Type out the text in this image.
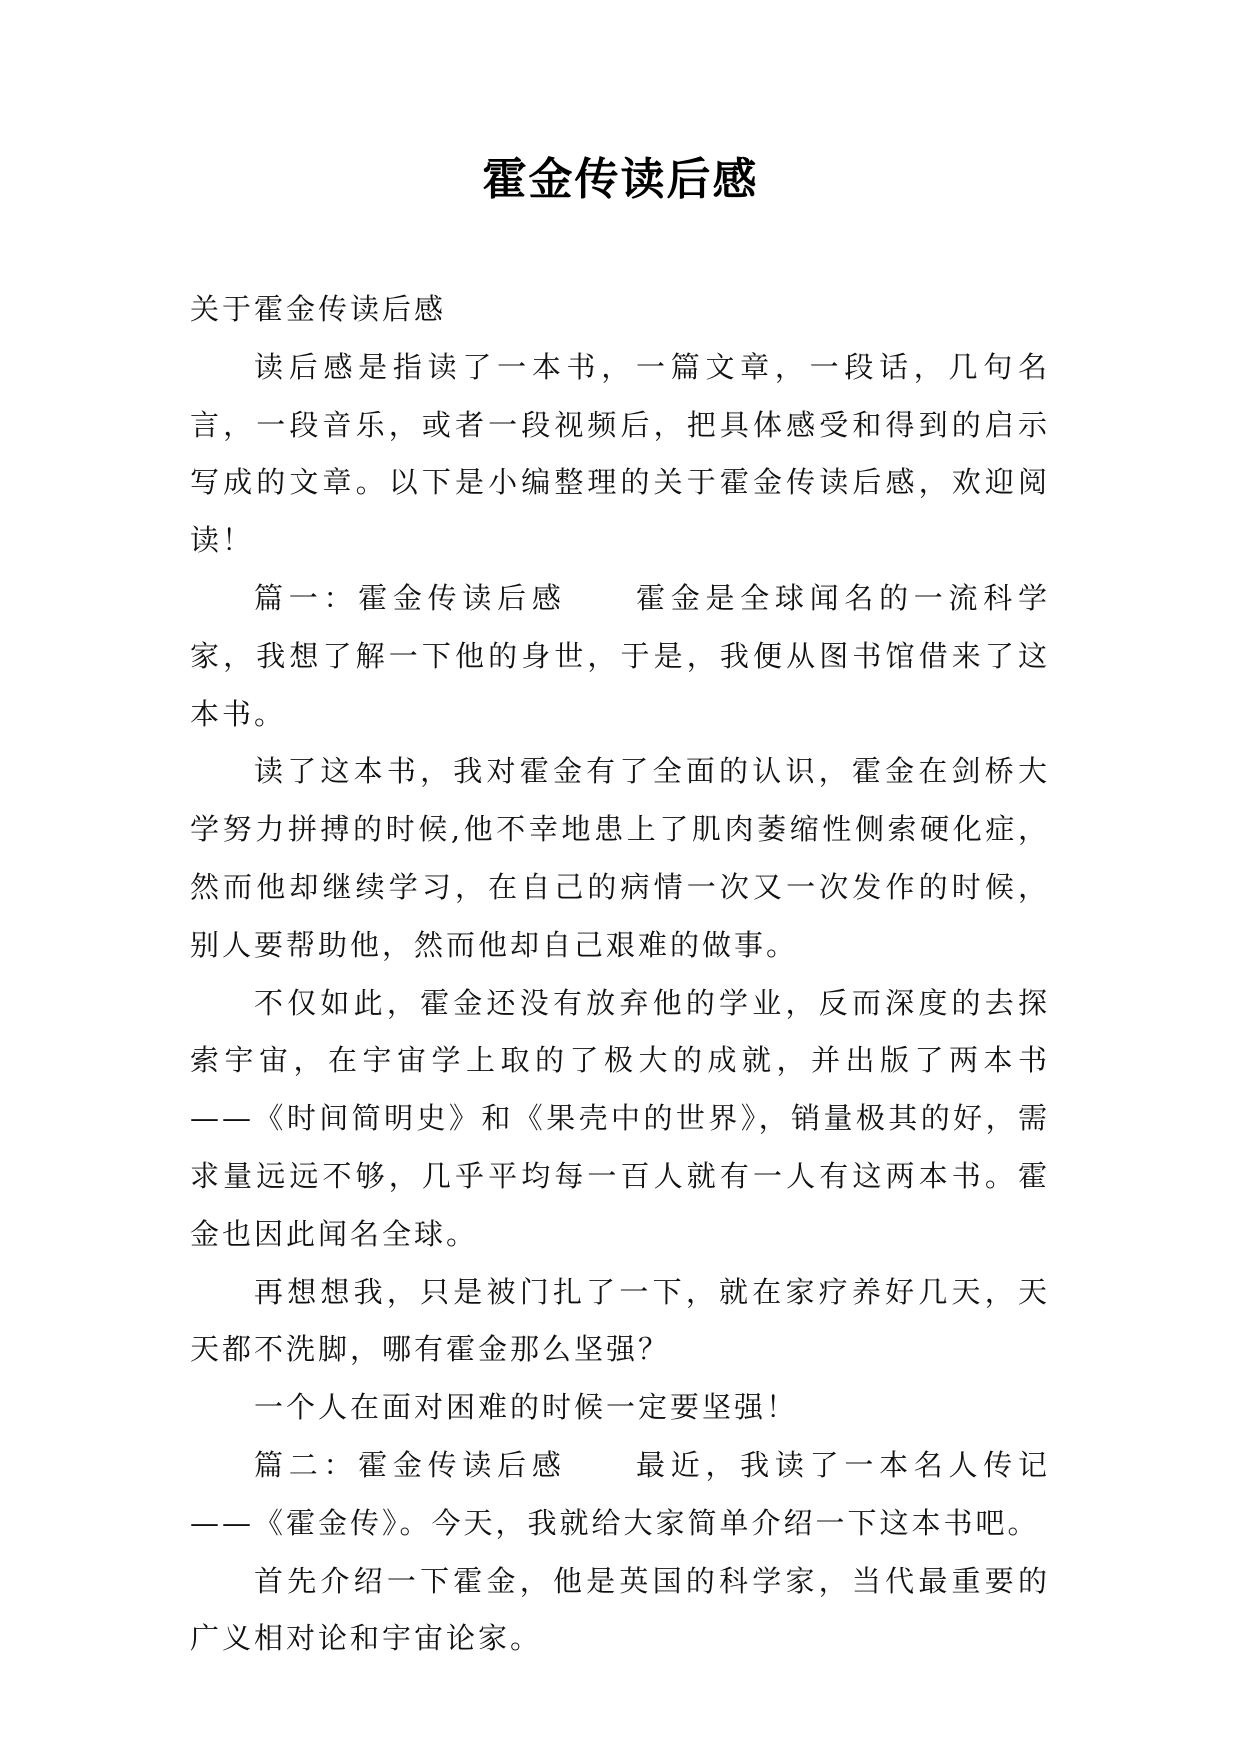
霍金传读后感

关于霍金传读后感

读后感是指读了一本书，一篇文章，一段话，几句名言，一段音乐，或者一段视频后，把具体感受和得到的启示写成的文章。以下是小编整理的关于霍金传读后感，欢迎阅读！

篇一：霍金传读后感　　霍金是全球闻名的一流科学家，我想了解一下他的身世，于是，我便从图书馆借来了这本书。

读了这本书，我对霍金有了全面的认识，霍金在剑桥大学努力拼搏的时候,他不幸地患上了肌肉萎缩性侧索硬化症，然而他却继续学习，在自己的病情一次又一次发作的时候，别人要帮助他，然而他却自己艰难的做事。

不仅如此，霍金还没有放弃他的学业，反而深度的去探索宇宙，在宇宙学上取的了极大的成就，并出版了两本书——《时间简明史》和《果壳中的世界》，销量极其的好，需求量远远不够，几乎平均每一百人就有一人有这两本书。霍金也因此闻名全球。

再想想我，只是被门扎了一下，就在家疗养好几天，天天都不洗脚，哪有霍金那么坚强？

一个人在面对困难的时候一定要坚强！

篇二：霍金传读后感　　最近，我读了一本名人传记——《霍金传》。今天，我就给大家简单介绍一下这本书吧。

首先介绍一下霍金，他是英国的科学家，当代最重要的广义相对论和宇宙论家。
